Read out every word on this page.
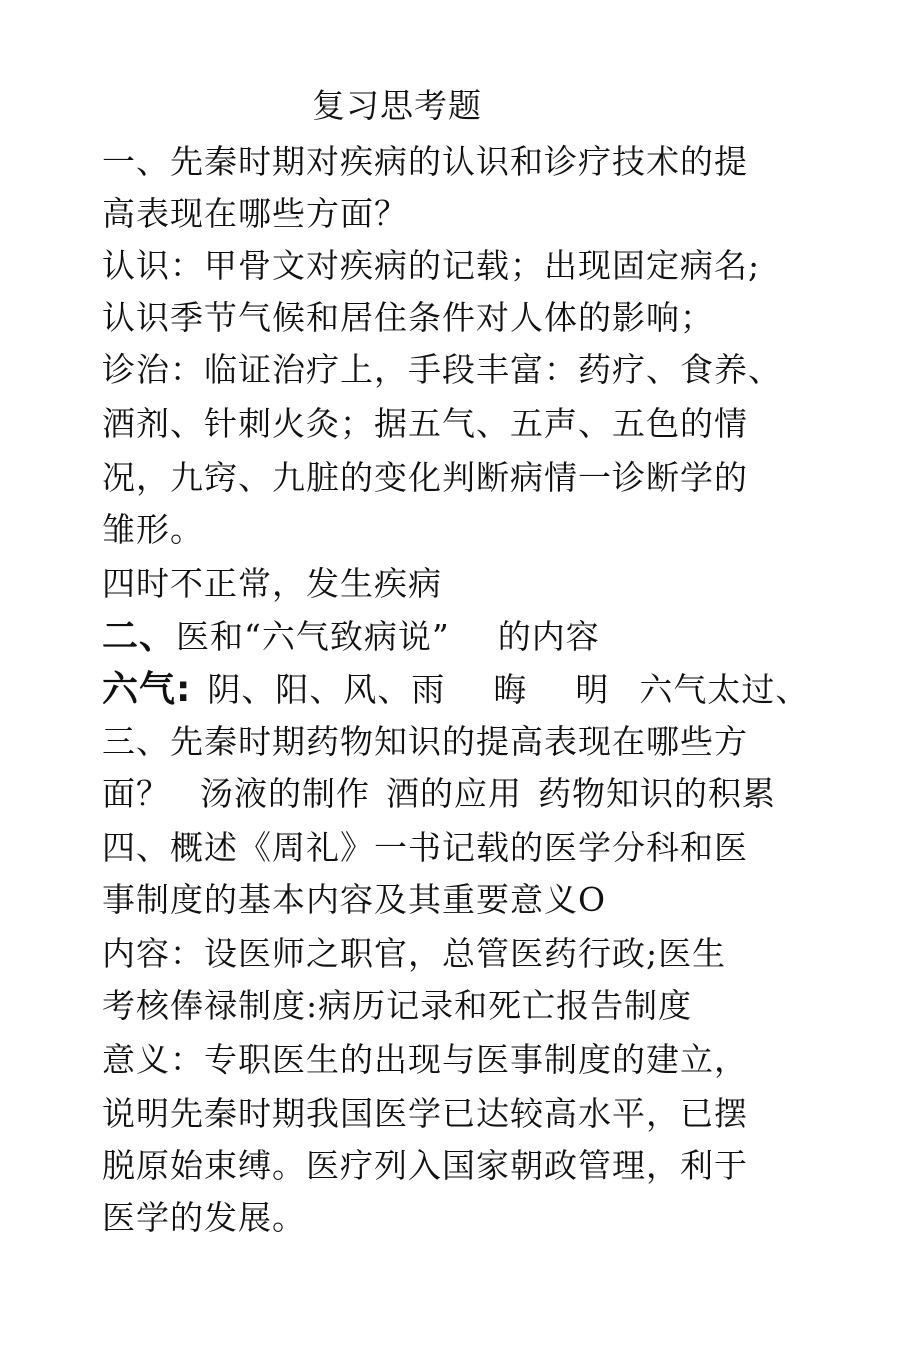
复习思考题
一、先秦时期对疾病的认识和诊疗技术的提
高表现在哪些方面？
认识：甲骨文对疾病的记载；出现固定病名;
认识季节气候和居住条件对人体的影响；
诊治：临证治疗上，手段丰富：药疗、食养、
酒剂、针刺火灸；据五气、五声、五色的情
况，九窍、九脏的变化判断病情一诊断学的
雏形。
四时不正常，发生疾病
二、医和“六气致病说” 的内容
六气: 阴、阳、风、雨 晦 明 六气太过、
三、先秦时期药物知识的提高表现在哪些方
面？ 汤液的制作 酒的应用 药物知识的积累
四、概述《周礼》一书记载的医学分科和医
事制度的基本内容及其重要意义O
内容：设医师之职官，总管医药行政;医生
考核俸禄制度:病历记录和死亡报告制度
意义：专职医生的出现与医事制度的建立，
说明先秦时期我国医学已达较高水平，已摆
脱原始束缚。医疗列入国家朝政管理，利于
医学的发展。
